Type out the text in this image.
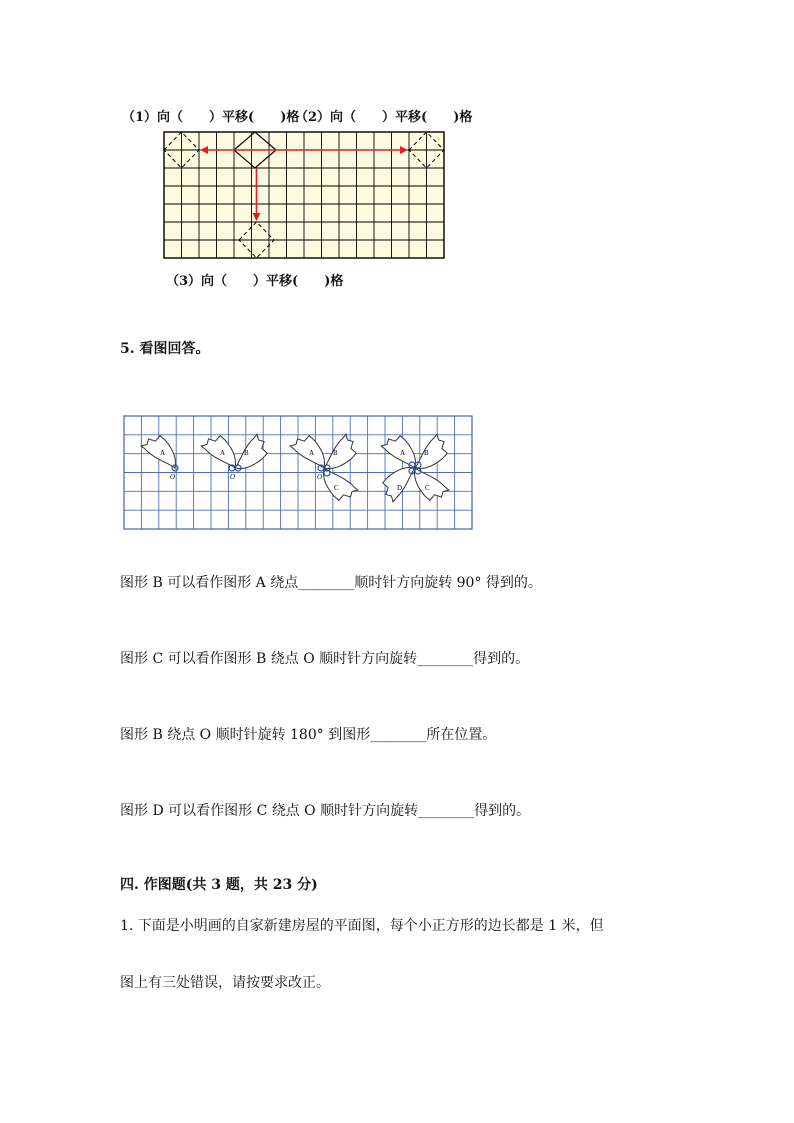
（1）向（　　）平移(　　)格
（2）向（　　）平移(　　)格
（3）向（　　）平移(　　)格
5. 看图回答。
A
O
A	B
O
A	B
C
O
A	B
C
D
图形 B 可以看作图形 A 绕点________顺时针方向旋转 90° 得到的。
图形 C 可以看作图形 B 绕点 O 顺时针方向旋转________得到的。
图形 B 绕点 O 顺时针旋转 180° 到图形________所在位置。
图形 D 可以看作图形 C 绕点 O 顺时针方向旋转________得到的。
四. 作图题(共 3 题，共 23 分)
1. 下面是小明画的自家新建房屋的平面图，每个小正方形的边长都是 1 米，但
图上有三处错误，请按要求改正。
